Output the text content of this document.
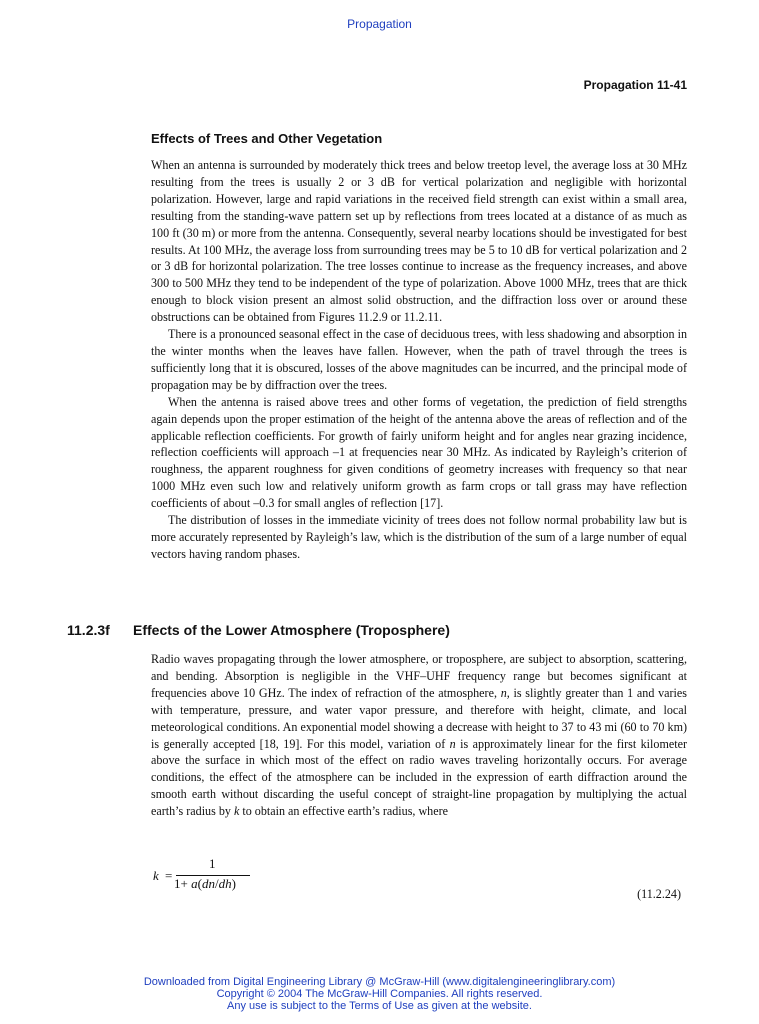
Propagation
Propagation 11-41
Effects of Trees and Other Vegetation

When an antenna is surrounded by moderately thick trees and below treetop level, the average loss at 30 MHz resulting from the trees is usually 2 or 3 dB for vertical polarization and negligible with horizontal polarization. However, large and rapid variations in the received field strength can exist within a small area, resulting from the standing-wave pattern set up by reflections from trees located at a distance of as much as 100 ft (30 m) or more from the antenna. Consequently, several nearby locations should be investigated for best results. At 100 MHz, the average loss from surrounding trees may be 5 to 10 dB for vertical polarization and 2 or 3 dB for horizontal polarization. The tree losses continue to increase as the frequency increases, and above 300 to 500 MHz they tend to be independent of the type of polarization. Above 1000 MHz, trees that are thick enough to block vision present an almost solid obstruction, and the diffraction loss over or around these obstructions can be obtained from Figures 11.2.9 or 11.2.11.

There is a pronounced seasonal effect in the case of deciduous trees, with less shadowing and absorption in the winter months when the leaves have fallen. However, when the path of travel through the trees is sufficiently long that it is obscured, losses of the above magnitudes can be incurred, and the principal mode of propagation may be by diffraction over the trees.

When the antenna is raised above trees and other forms of vegetation, the prediction of field strengths again depends upon the proper estimation of the height of the antenna above the areas of reflection and of the applicable reflection coefficients. For growth of fairly uniform height and for angles near grazing incidence, reflection coefficients will approach –1 at frequencies near 30 MHz. As indicated by Rayleigh’s criterion of roughness, the apparent roughness for given conditions of geometry increases with frequency so that near 1000 MHz even such low and relatively uniform growth as farm crops or tall grass may have reflection coefficients of about –0.3 for small angles of reflection [17].

The distribution of losses in the immediate vicinity of trees does not follow normal probability law but is more accurately represented by Rayleigh’s law, which is the distribution of the sum of a large number of equal vectors having random phases.

11.2.3f Effects of the Lower Atmosphere (Troposphere)

Radio waves propagating through the lower atmosphere, or troposphere, are subject to absorption, scattering, and bending. Absorption is negligible in the VHF–UHF frequency range but becomes significant at frequencies above 10 GHz. The index of refraction of the atmosphere, n, is slightly greater than 1 and varies with temperature, pressure, and water vapor pressure, and therefore with height, climate, and local meteorological conditions. An exponential model showing a decrease with height to 37 to 43 mi (60 to 70 km) is generally accepted [18, 19]. For this model, variation of n is approximately linear for the first kilometer above the surface in which most of the effect on radio waves traveling horizontally occurs. For average conditions, the effect of the atmosphere can be included in the expression of earth diffraction around the smooth earth without discarding the useful concept of straight-line propagation by multiplying the actual earth’s radius by k to obtain an effective earth’s radius, where

k =
1
1+ a(dn/dh)
(11.2.24)
Downloaded from Digital Engineering Library @ McGraw-Hill (www.digitalengineeringlibrary.com)
Copyright © 2004 The McGraw-Hill Companies. All rights reserved.
Any use is subject to the Terms of Use as given at the website.
